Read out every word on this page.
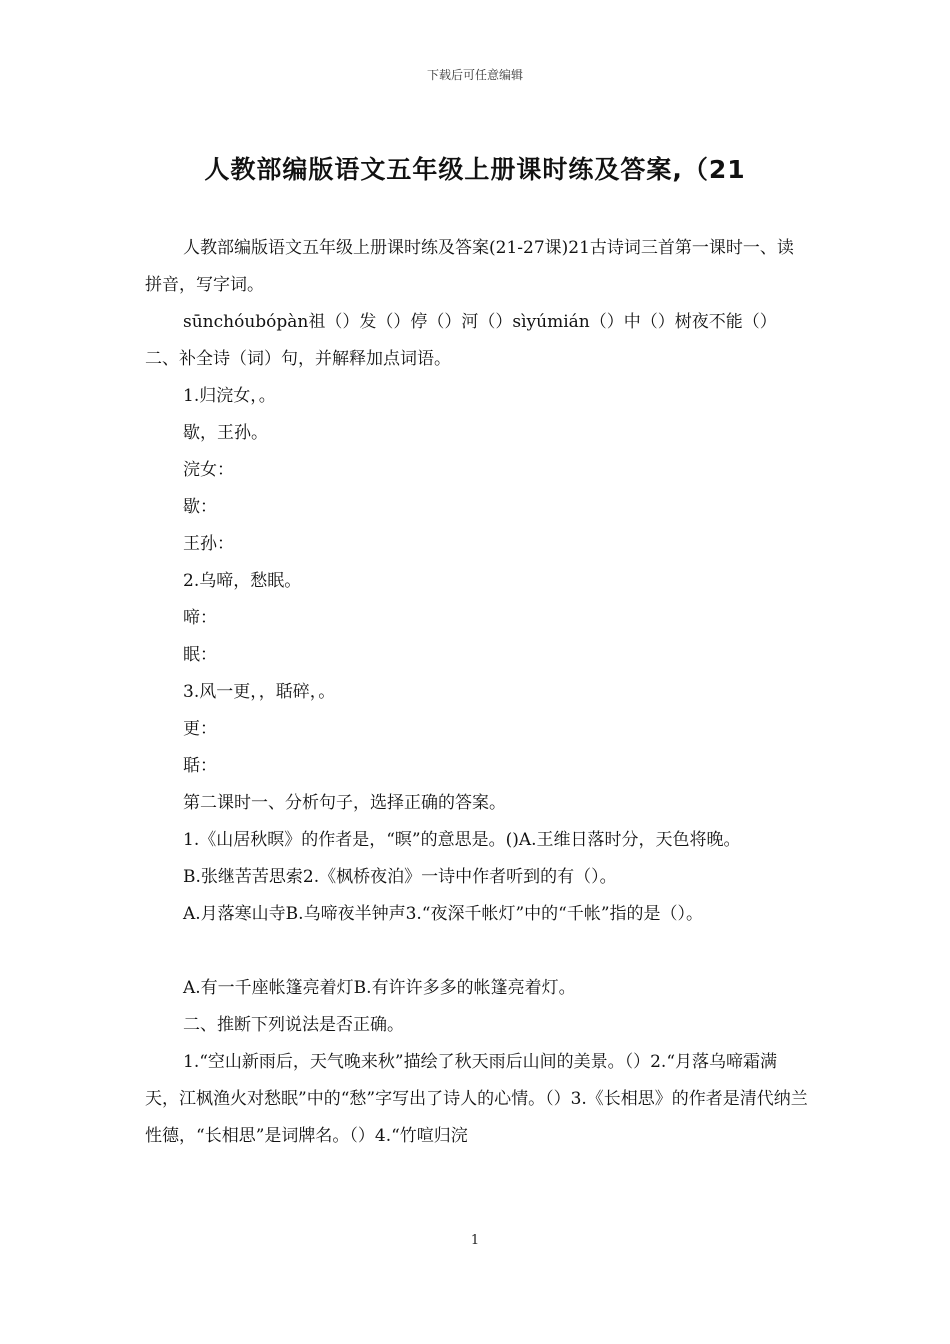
下载后可任意编辑
人教部编版语文五年级上册课时练及答案,（21

人教部编版语文五年级上册课时练及答案(21-27课)21古诗词三首第一课时一、读拼音，写字词。

sūnchóubópàn祖（）发（）停（）河（）sìyúmián（）中（）树夜不能（）二、补全诗（词）句，并解释加点词语。

1.归浣女，。

歇，王孙。

浣女：

歇：

王孙：

2.乌啼，愁眠。

啼：

眠：

3.风一更，，聒碎，。

更：

聒：

第二课时一、分析句子，选择正确的答案。

1.《山居秋暝》的作者是，“暝”的意思是。()A.王维日落时分，天色将晚。

B.张继苦苦思索2.《枫桥夜泊》一诗中作者听到的有（）。

A.月落寒山寺B.乌啼夜半钟声3.“夜深千帐灯”中的“千帐”指的是（）。

A.有一千座帐篷亮着灯B.有许许多多的帐篷亮着灯。

二、推断下列说法是否正确。

1.“空山新雨后，天气晚来秋”描绘了秋天雨后山间的美景。（）2.“月落乌啼霜满天，江枫渔火对愁眠”中的“愁”字写出了诗人的心情。（）3.《长相思》的作者是清代纳兰性德，“长相思”是词牌名。（）4.“竹喧归浣

1
